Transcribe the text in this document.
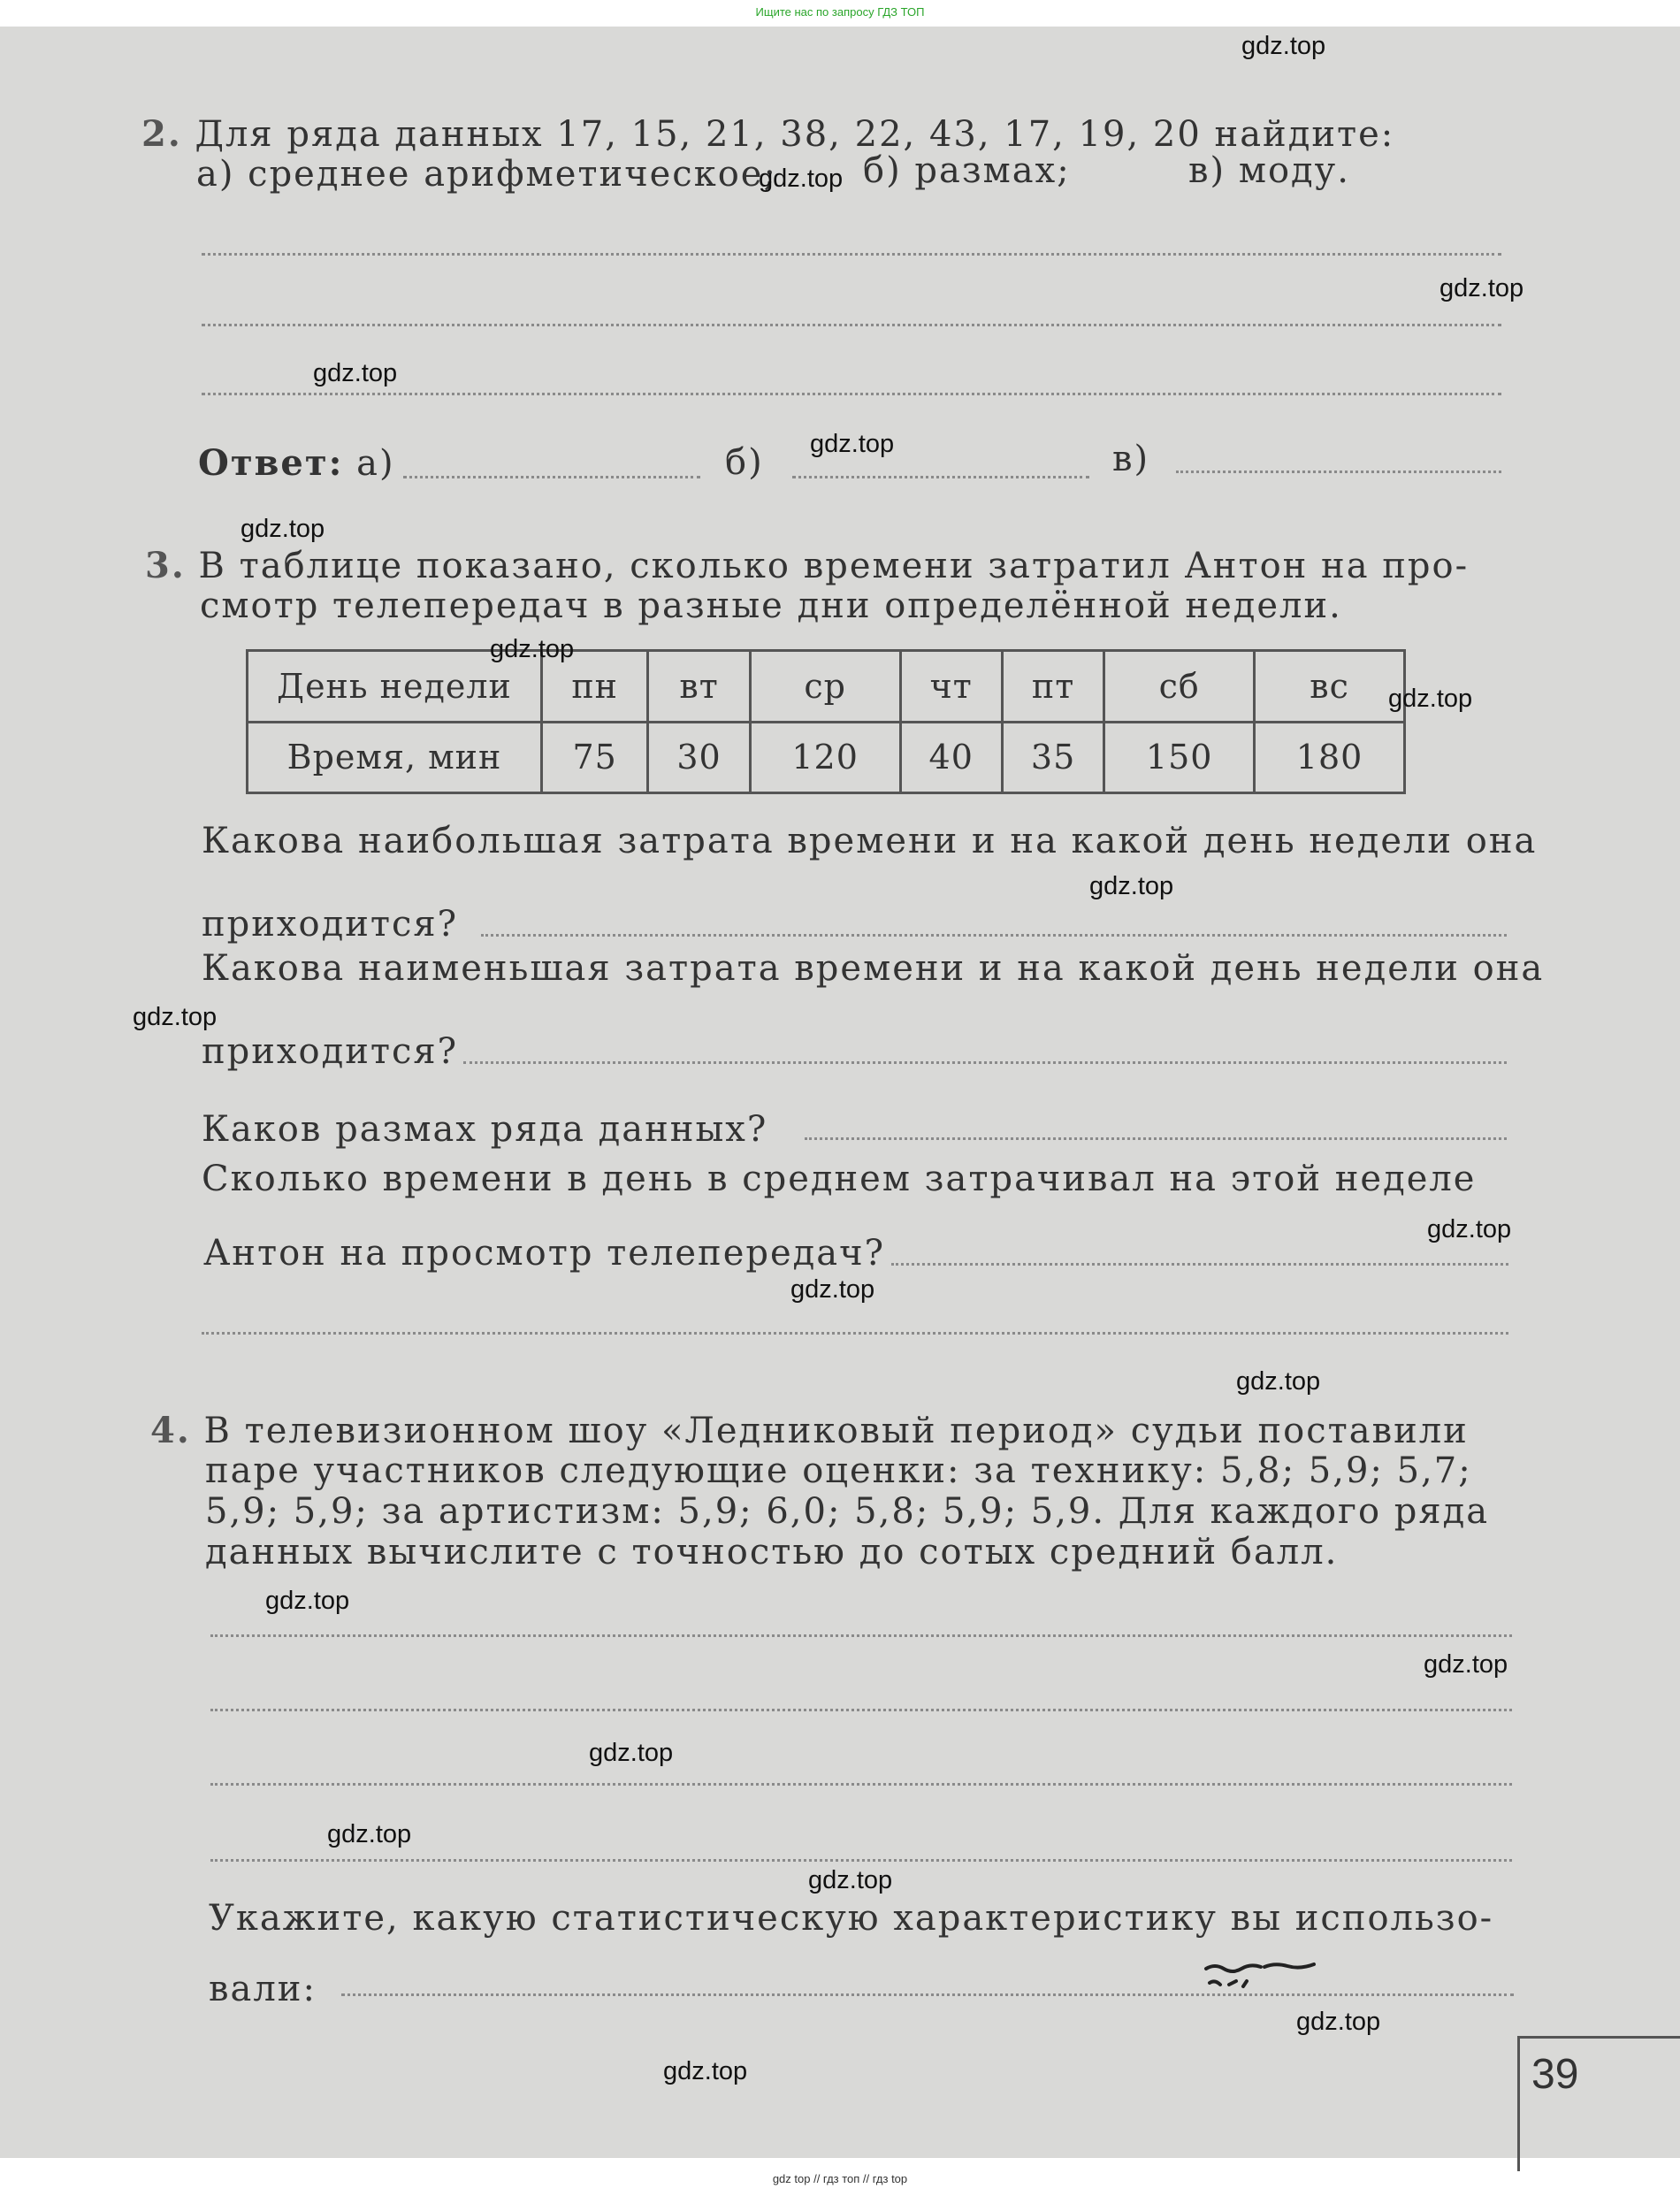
Ищите нас по запросу ГДЗ ТОП
2. Для ряда данных 17, 15, 21, 38, 22, 43, 17, 19, 20 найдите:
а) среднее арифметическое; б) размах;	в) моду.
Ответ: а)	б)	в)
3. В таблице показано, сколько времени затратил Антон на про-
смотр телепередач в разные дни определённой недели.
День недели	пн	вт	ср	чт	пт	сб	вс
Время, мин	75	30	120	40	35	150	180
Какова наибольшая затрата времени и на какой день недели она
приходится?
Какова наименьшая затрата времени и на какой день недели она
приходится?
Каков размах ряда данных?
Сколько времени в день в среднем затрачивал на этой неделе
Антон на просмотр телепередач?
4. В телевизионном шоу «Ледниковый период» судьи поставили
паре участников следующие оценки: за технику: 5,8; 5,9; 5,7;
5,9; 5,9; за артистизм: 5,9; 6,0; 5,8; 5,9; 5,9. Для каждого ряда
данных вычислите с точностью до сотых средний балл.
Укажите, какую статистическую характеристику вы использо-
вали:
39
gdz.top
gdz.top
gdz.top
gdz.top
gdz.top
gdz.top
gdz.top
gdz.top
gdz.top
gdz.top
gdz.top
gdz.top
gdz.top
gdz.top
gdz.top
gdz.top
gdz.top
gdz.top
gdz.top
gdz.top
gdz top // гдз топ // гдз top
